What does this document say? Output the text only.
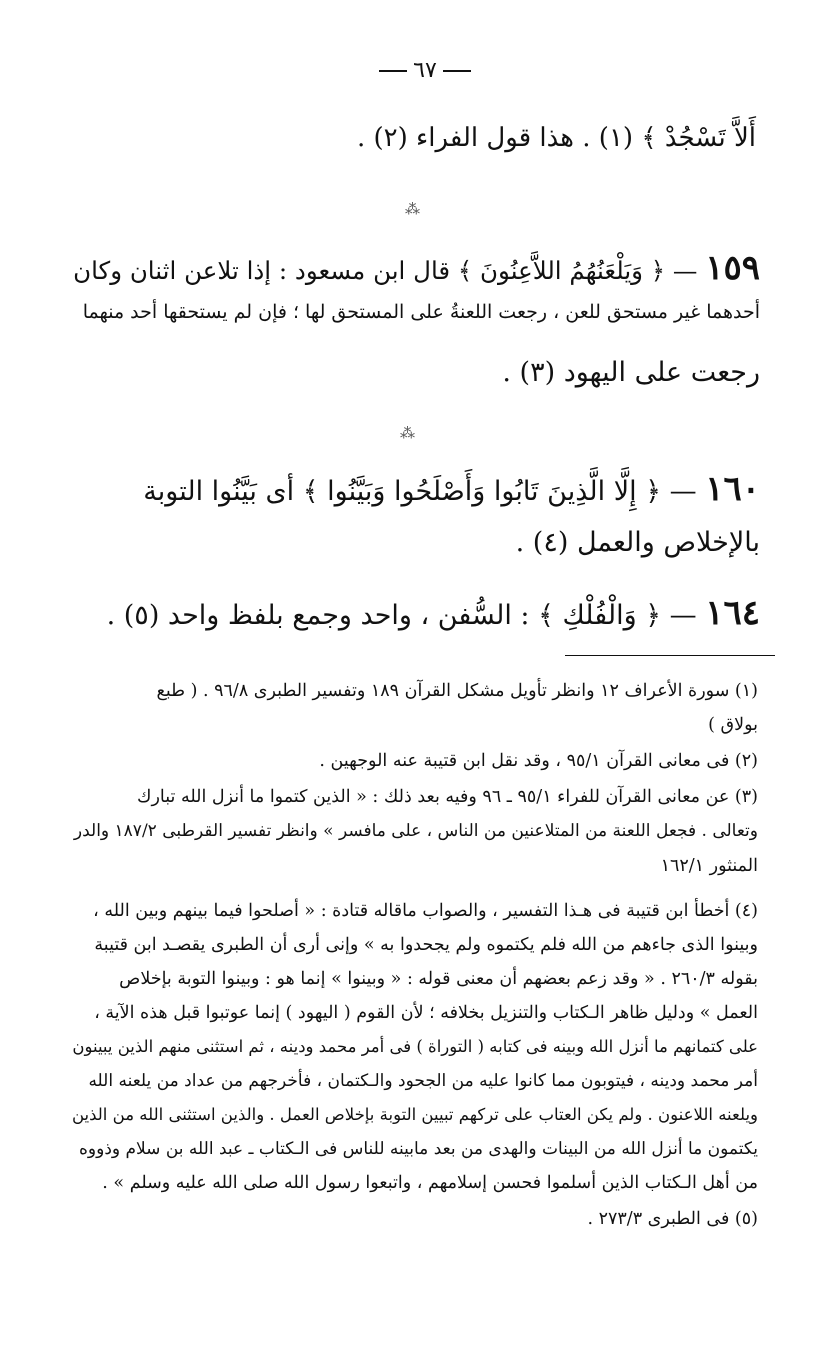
٦٧
أَلاَّ تَسْجُدْ ﴾ (١) . هذا قول الفراء (٢) .
⁂
١٥٩ — ﴿ وَيَلْعَنُهُمُ اللاَّعِنُونَ ﴾ قال ابن مسعود : إذا تلاعن اثنان وكان
أحدهما غير مستحق للعن ، رجعت اللعنةُ على المستحق لها ؛ فإن لم يستحقها أحد منهما
رجعت على اليهود (٣) .
⁂
١٦٠ — ﴿ إِلَّا الَّذِينَ تَابُوا وَأَصْلَحُوا وَبَيَّنُوا ﴾ أى بَيَّنُوا التوبة
بالإخلاص والعمل (٤) .
١٦٤ — ﴿ وَالْفُلْكِ ﴾ : السُّفن ، واحد وجمع بلفظ واحد (٥) .
(١) سورة الأعراف ١٢ وانظر تأويل مشكل القرآن ١٨٩ وتفسير الطبرى ٩٦/٨ . ( طبع
بولاق )
(٢) فى معانى القرآن ٩٥/١ ، وقد نقل ابن قتيبة عنه الوجهين .
(٣) عن معانى القرآن للفراء ٩٥/١ ـ ٩٦ وفيه بعد ذلك : « الذين كتموا ما أنزل الله تبارك
وتعالى . فجعل اللعنة من المتلاعنين من الناس ، على مافسر » وانظر تفسير القرطبى ١٨٧/٢ والدر
المنثور ١٦٢/١
(٤) أخطأ ابن قتيبة فى هـذا التفسير ، والصواب ماقاله قتادة : « أصلحوا فيما بينهم وبين الله ،
وبينوا الذى جاءهم من الله فلم يكتموه ولم يجحدوا به » وإنى أرى أن الطبرى يقصـد ابن قتيبة
بقوله ٢٦٠/٣ . « وقد زعم بعضهم أن معنى قوله : « وبينوا » إنما هو : وبينوا التوبة بإخلاص
العمل » ودليل ظاهر الـكتاب والتنزيل بخلافه ؛ لأن القوم ( اليهود ) إنما عوتبوا قبل هذه الآية ،
على كتمانهم ما أنزل الله وبينه فى كتابه ( التوراة ) فى أمر محمد ودينه ، ثم استثنى منهم الذين يبينون
أمر محمد ودينه ، فيتوبون مما كانوا عليه من الجحود والـكتمان ، فأخرجهم من عداد من يلعنه الله
ويلعنه اللاعنون . ولم يكن العتاب على تركهم تبيين التوبة بإخلاص العمل . والذين استثنى الله من الذين
يكتمون ما أنزل الله من البينات والهدى من بعد مابينه للناس فى الـكتاب ـ عبد الله بن سلام وذووه
من أهل الـكتاب الذين أسلموا فحسن إسلامهم ، واتبعوا رسول الله صلى الله عليه وسلم » .
(٥) فى الطبرى ٢٧٣/٣ .
